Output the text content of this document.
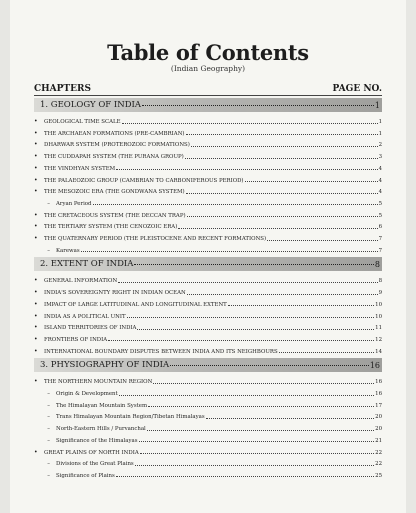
Table of Contents
(Indian Geography)
CHAPTERS	PAGE NO.
1. GEOLOGY OF INDIA	1
•	GEOLOGICAL TIME SCALE	1
•	THE ARCHAEAN FORMATIONS (PRE-CAMBRIAN)	1
•	DHARWAR SYSTEM (PROTEROZOIC FORMATIONS)	2
•	THE CUDDAPAH SYSTEM (THE PURANA GROUP)	3
•	THE VINDHYAN SYSTEM	4
•	THE PALAEOZOIC GROUP (CAMBRIAN TO CARBONIFEROUS PERIOD)	4
•	THE MESOZOIC ERA (THE GONDWANA SYSTEM)	4
–	Aryan Period	5
•	THE CRETACEOUS SYSTEM (THE DECCAN TRAP)	5
•	THE TERTIARY SYSTEM (THE CENOZOIC ERA)	6
•	THE QUATERNARY PERIOD (THE PLEISTOCENE AND RECENT FORMATIONS)	7
–	Karewas	7
2. EXTENT OF INDIA	8
•	GENERAL INFORMATION	8
•	INDIA'S SOVEREIGNTY RIGHT IN INDIAN OCEAN	9
•	IMPACT OF LARGE LATITUDINAL AND LONGITUDINAL EXTENT	10
•	INDIA AS A POLITICAL UNIT	10
•	ISLAND TERRITORIES OF INDIA	11
•	FRONTIERS OF INDIA	12
•	INTERNATIONAL BOUNDARY DISPUTES BETWEEN INDIA AND ITS NEIGHBOURS	14
3. PHYSIOGRAPHY OF INDIA	16
•	THE NORTHERN MOUNTAIN REGION	16
–	Origin & Development	16
–	The Himalayan Mountain System	17
–	Trans Himalayan Mountain Region/Tibetan Himalayas	20
–	North-Eastern Hills / Purvanchal	20
–	Significance of the Himalayas	21
•	GREAT PLAINS OF NORTH INDIA	22
–	Divisions of the Great Plains	22
–	Significance of Plains	25
